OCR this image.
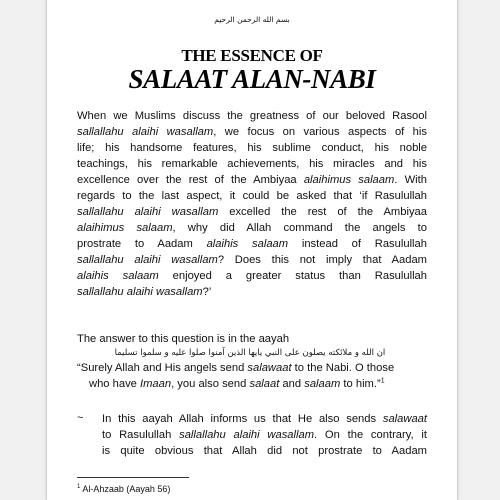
بسم الله الرحمن الرحيم
THE ESSENCE OF
SALAAT ALAN-NABI
When we Muslims discuss the greatness of our beloved Rasool
sallallahu alaihi wasallam, we focus on various aspects of his
life; his handsome features, his sublime conduct, his noble
teachings, his remarkable achievements, his miracles and his
excellence over the rest of the Ambiyaa alaihimus salaam. With
regards to the last aspect, it could be asked that ‘if Rasulullah
sallallahu alaihi wasallam excelled the rest of the Ambiyaa
alaihimus salaam, why did Allah command the angels to
prostrate to Aadam alaihis salaam instead of Rasulullah
sallallahu alaihi wasallam? Does this not imply that Aadam
alaihis salaam enjoyed a greater status than Rasulullah
sallallahu alaihi wasallam?’
The answer to this question is in the aayah
ان الله و ملائكته يصلون على النبي يايها الذين آمنوا صلوا عليه و سلموا تسليما
“Surely Allah and His angels send salawaat to the Nabi. O those
who have Imaan, you also send salaat and salaam to him.”$^1$
~ In this aayah Allah informs us that He also sends salawaat
to Rasulullah sallallahu alaihi wasallam. On the contrary, it
is quite obvious that Allah did not prostrate to Aadam
$^1$ Al-Ahzaab (Aayah 56)
